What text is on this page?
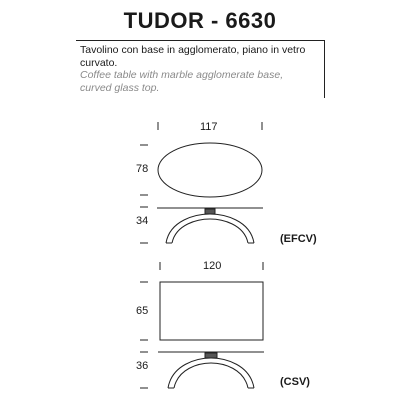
TUDOR - 6630
Tavolino con base in agglomerato, piano in vetro
curvato.
Coffee table with marble agglomerate base,
curved glass top.
117
78
34
(EFCV)
120
65
36
(CSV)
